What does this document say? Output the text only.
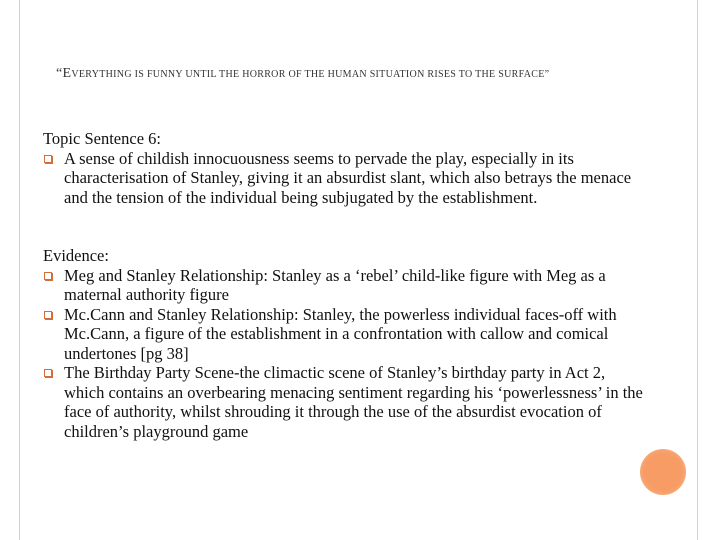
“EVERYTHING IS FUNNY UNTIL THE HORROR OF THE HUMAN SITUATION RISES TO THE SURFACE”

Topic Sentence 6:

A sense of childish innocuousness seems to pervade the play, especially in its characterisation of Stanley, giving it an absurdist slant, which also betrays the menace and the tension of the individual being subjugated by the establishment.

Evidence:

Meg and Stanley Relationship: Stanley as a ‘rebel’ child-like figure with Meg as a maternal authority figure
Mc.Cann and Stanley Relationship: Stanley, the powerless individual faces-off with Mc.Cann, a figure of the establishment in a confrontation with callow and comical undertones [pg 38]
The Birthday Party Scene-the climactic scene of Stanley’s birthday party in Act 2, which contains an overbearing menacing sentiment regarding his ‘powerlessness’ in the face of authority, whilst shrouding it through the use of the absurdist evocation of children’s playground game
